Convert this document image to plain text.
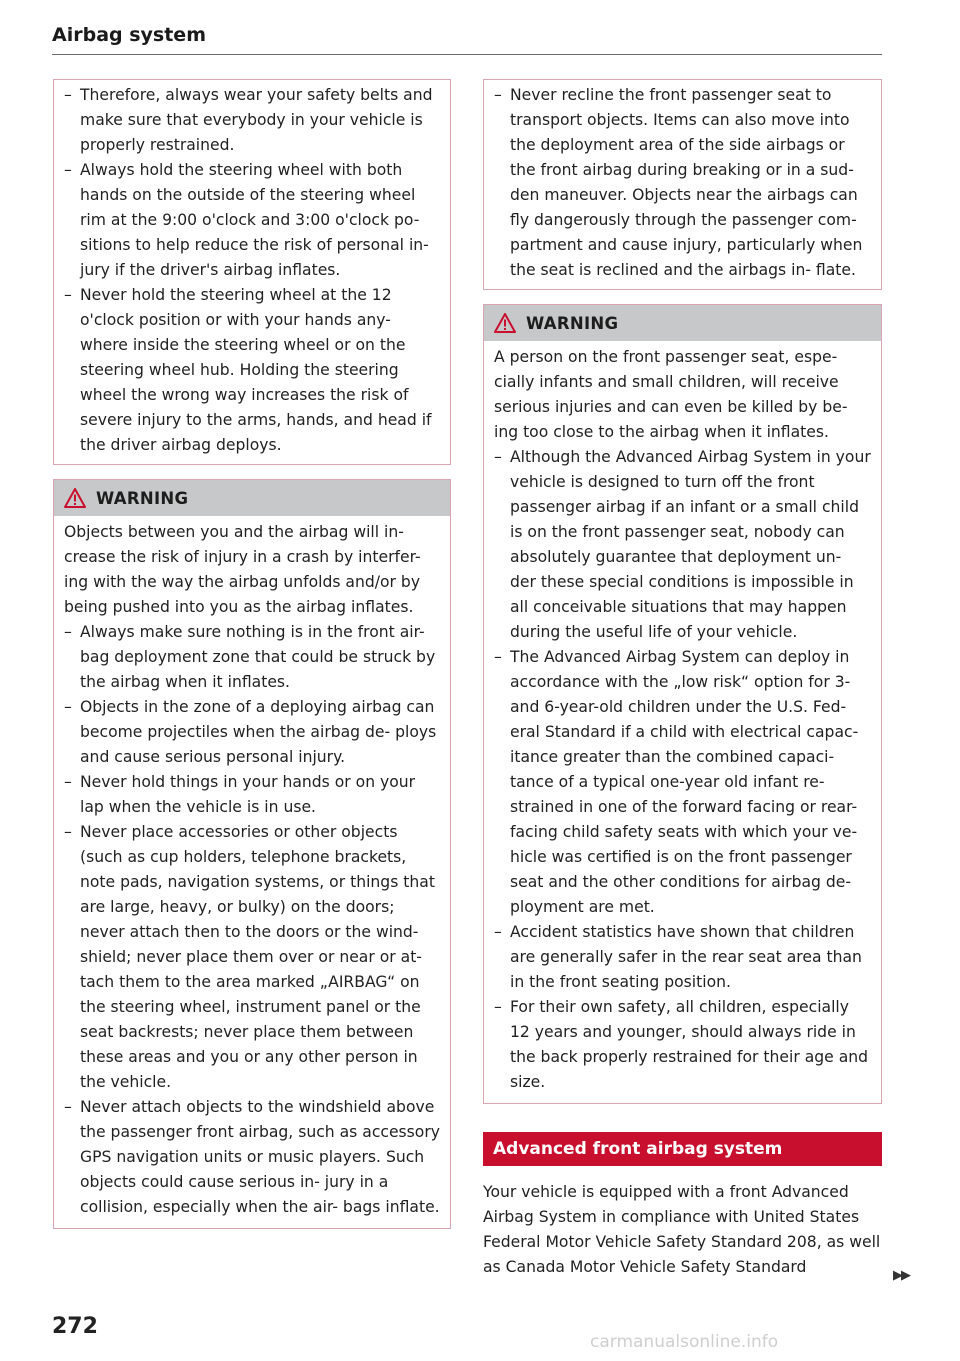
Airbag system
– Therefore, always wear your safety belts and make sure that everybody in your vehicle is properly restrained.
– Always hold the steering wheel with both hands on the outside of the steering wheel rim at the 9:00 o'clock and 3:00 o'clock po- sitions to help reduce the risk of personal in- jury if the driver's airbag inflates.
– Never hold the steering wheel at the 12 o'clock position or with your hands any- where inside the steering wheel or on the steering wheel hub. Holding the steering wheel the wrong way increases the risk of severe injury to the arms, hands, and head if the driver airbag deploys.
WARNING

Objects between you and the airbag will in- crease the risk of injury in a crash by interfer- ing with the way the airbag unfolds and/or by being pushed into you as the airbag inflates.

– Always make sure nothing is in the front air- bag deployment zone that could be struck by the airbag when it inflates.
– Objects in the zone of a deploying airbag can become projectiles when the airbag de- ploys and cause serious personal injury.
– Never hold things in your hands or on your lap when the vehicle is in use.
– Never place accessories or other objects (such as cup holders, telephone brackets, note pads, navigation systems, or things that are large, heavy, or bulky) on the doors; never attach then to the doors or the wind- shield; never place them over or near or at- tach them to the area marked „AIRBAG“ on the steering wheel, instrument panel or the seat backrests; never place them between these areas and you or any other person in the vehicle.
– Never attach objects to the windshield above the passenger front airbag, such as accessory GPS navigation units or music players. Such objects could cause serious in- jury in a collision, especially when the air- bags inflate.
– Never recline the front passenger seat to transport objects. Items can also move into the deployment area of the side airbags or the front airbag during breaking or in a sud- den maneuver. Objects near the airbags can fly dangerously through the passenger com- partment and cause injury, particularly when the seat is reclined and the airbags in- flate.
WARNING

A person on the front passenger seat, espe- cially infants and small children, will receive serious injuries and can even be killed by be- ing too close to the airbag when it inflates.

– Although the Advanced Airbag System in your vehicle is designed to turn off the front passenger airbag if an infant or a small child is on the front passenger seat, nobody can absolutely guarantee that deployment un- der these special conditions is impossible in all conceivable situations that may happen during the useful life of your vehicle.
– The Advanced Airbag System can deploy in accordance with the „low risk“ option for 3- and 6-year-old children under the U.S. Fed- eral Standard if a child with electrical capac- itance greater than the combined capaci- tance of a typical one-year old infant re- strained in one of the forward facing or rear- facing child safety seats with which your ve- hicle was certified is on the front passenger seat and the other conditions for airbag de- ployment are met.
– Accident statistics have shown that children are generally safer in the rear seat area than in the front seating position.
– For their own safety, all children, especially 12 years and younger, should always ride in the back properly restrained for their age and size.
Advanced front airbag system

Your vehicle is equipped with a front Advanced Airbag System in compliance with United States Federal Motor Vehicle Safety Standard 208, as well as Canada Motor Vehicle Safety Standard	▶▶
272
carmanualsonline.info
